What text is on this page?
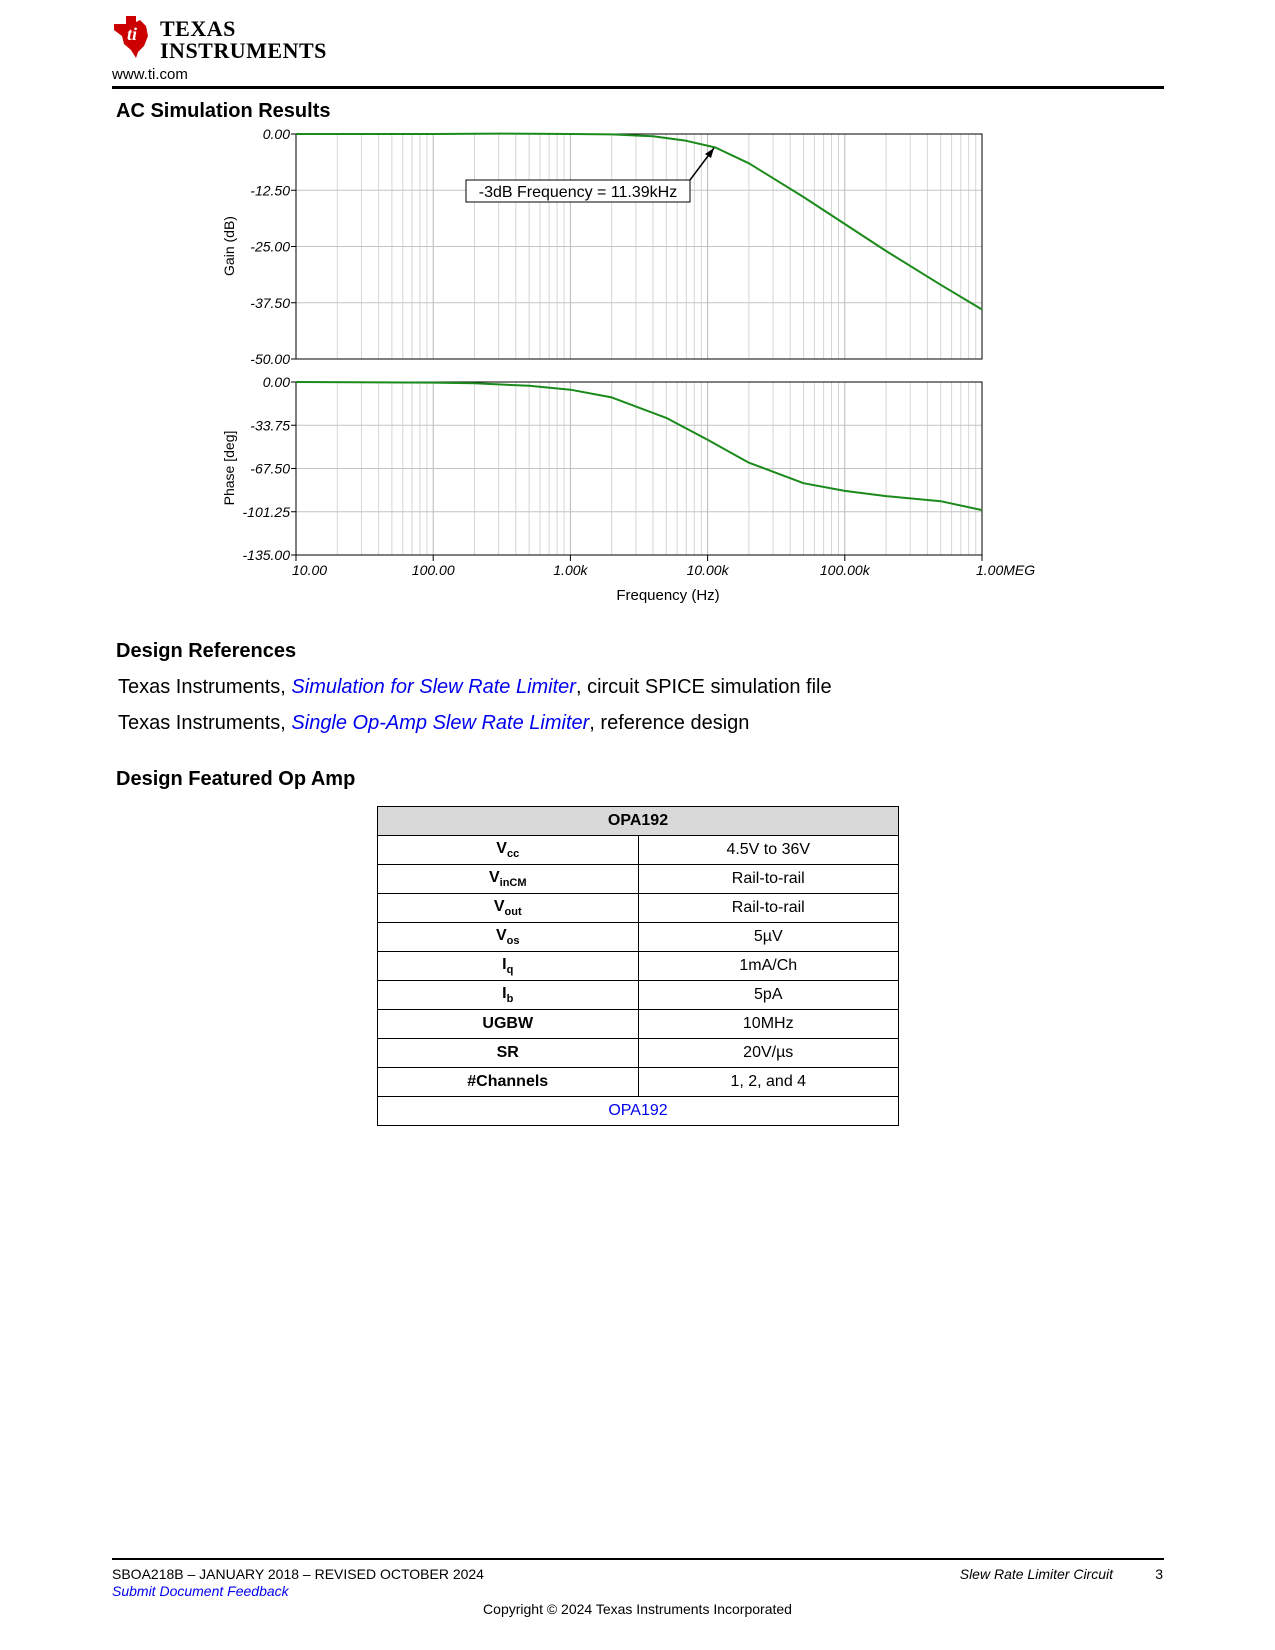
ti TEXAS
INSTRUMENTS
www.ti.com
AC Simulation Results
0.00
-12.50
-25.00
-37.50
-50.00
0.00
-33.75
-67.50
-101.25
-135.00
10.00	100.00	1.00k	10.00k	100.00k	1.00MEG
Gain (dB)
Phase [deg]
Frequency (Hz)
-3dB Frequency = 11.39kHz
Design References
Texas Instruments, Simulation for Slew Rate Limiter, circuit SPICE simulation file
Texas Instruments, Single Op-Amp Slew Rate Limiter, reference design
Design Featured Op Amp
OPA192	
$V_{cc}$	4.5V to 36V
$V_{inCM}$	Rail-to-rail
$V_{out}$	Rail-to-rail
$V_{os}$	5µV
$I_q$	1mA/Ch
$I_b$	5pA
UGBW	10MHz
SR	20V/µs
#Channels	1, 2, and 4
OPA192	
SBOA218B – JANUARY 2018 – REVISED OCTOBER 2024
Submit Document Feedback
Slew Rate Limiter Circuit	3
Copyright © 2024 Texas Instruments Incorporated
